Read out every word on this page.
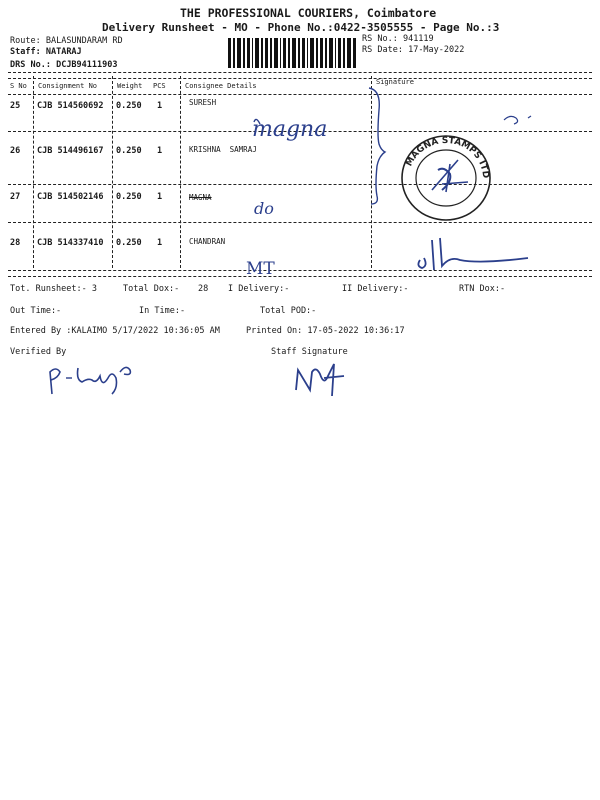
THE PROFESSIONAL COURIERS, Coimbatore
Delivery Runsheet - MO - Phone No.:0422-3505555 - Page No.:3
Route: BALASUNDARAM RD
Staff: NATARAJ
DRS No.: DCJB94111903
RS No.: 941119
RS Date: 17-May-2022
S No Consignment No	Weight PCS	Consignee Details	Signature
25 CJB 514560692 0.250 1	SURESH
26 CJB 514496167 0.250 1	KRISHNA  SAMRAJ
27 CJB 514502146 0.250 1	MAGNA
28 CJB 514337410 0.250 1	CHANDRAN
magna
MAGNA STAMPS ITD
do
MT
Tot. Runsheet:- 3	Total Dox:- 28 I Delivery:-	II Delivery:-	RTN Dox:-
Out Time:-	In Time:-	Total POD:-
Entered By :KALAIMO 5/17/2022 10:36:05 AM	Printed On: 17-05-2022 10:36:17
Verified By	Staff Signature
